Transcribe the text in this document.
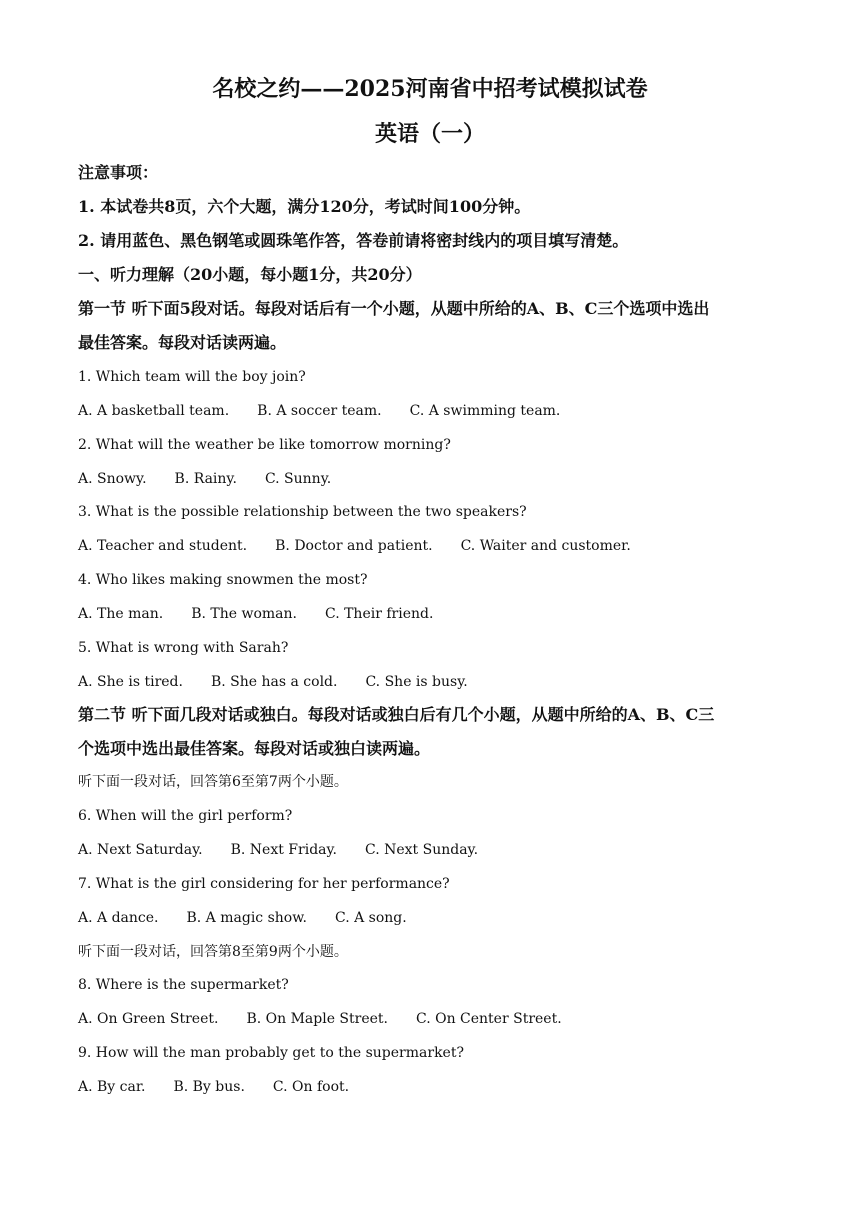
名校之约——2025河南省中招考试模拟试卷
英语（一）
注意事项：
1. 本试卷共8页，六个大题，满分120分，考试时间100分钟。
2. 请用蓝色、黑色钢笔或圆珠笔作答，答卷前请将密封线内的项目填写清楚。
一、听力理解（20小题，每小题1分，共20分）
第一节 听下面5段对话。每段对话后有一个小题，从题中所给的A、B、C三个选项中选出
最佳答案。每段对话读两遍。
1. Which team will the boy join?
A. A basketball team. B. A soccer team. C. A swimming team.
2. What will the weather be like tomorrow morning?
A. Snowy. B. Rainy. C. Sunny.
3. What is the possible relationship between the two speakers?
A. Teacher and student. B. Doctor and patient. C. Waiter and customer.
4. Who likes making snowmen the most?
A. The man. B. The woman. C. Their friend.
5. What is wrong with Sarah?
A. She is tired. B. She has a cold. C. She is busy.
第二节 听下面几段对话或独白。每段对话或独白后有几个小题，从题中所给的A、B、C三
个选项中选出最佳答案。每段对话或独白读两遍。
听下面一段对话，回答第6至第7两个小题。
6. When will the girl perform?
A. Next Saturday. B. Next Friday. C. Next Sunday.
7. What is the girl considering for her performance?
A. A dance. B. A magic show. C. A song.
听下面一段对话，回答第8至第9两个小题。
8. Where is the supermarket?
A. On Green Street. B. On Maple Street. C. On Center Street.
9. How will the man probably get to the supermarket?
A. By car. B. By bus. C. On foot.
